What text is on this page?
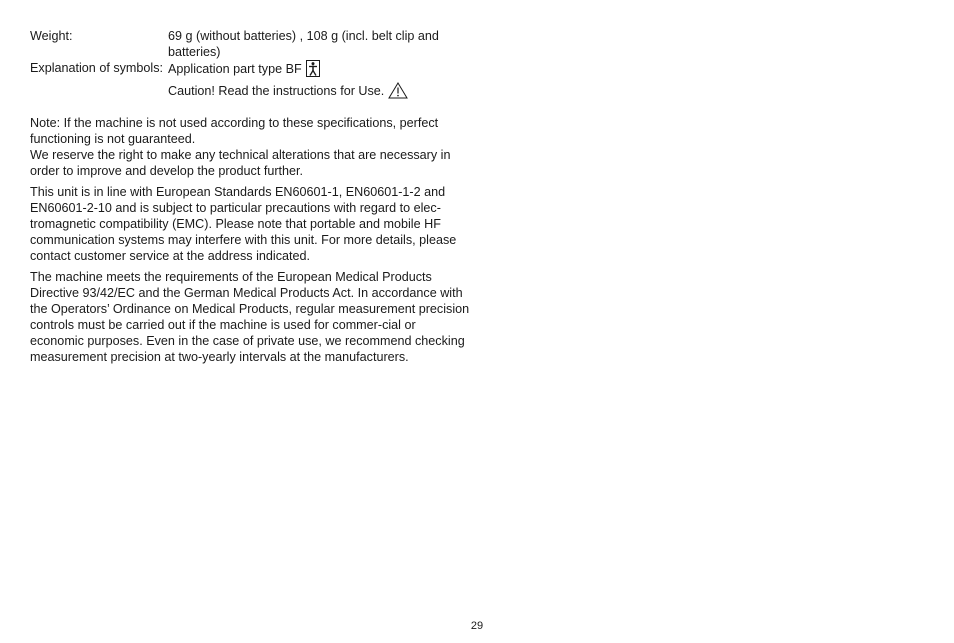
Weight:	69 g (without batteries) , 108 g (incl. belt clip and batteries)
Explanation of symbols: Application part type BF
Caution! Read the instructions for Use.

Note: If the machine is not used according to these specifications, perfect functioning is not guaranteed.

We reserve the right to make any technical alterations that are necessary in order to improve and develop the product further.

This unit is in line with European Standards EN60601-1, EN60601-1-2 and EN60601-2-10 and is subject to particular precautions with regard to elec-tromagnetic compatibility (EMC). Please note that portable and mobile HF communication systems may interfere with this unit. For more details, please contact customer service at the address indicated.

The machine meets the requirements of the European Medical Products Directive 93/42/EC and the German Medical Products Act. In accordance with the Operators’ Ordinance on Medical Products, regular measurement precision controls must be carried out if the machine is used for commer-cial or economic purposes. Even in the case of private use, we recommend checking measurement precision at two-yearly intervals at the manufacturers.

29
